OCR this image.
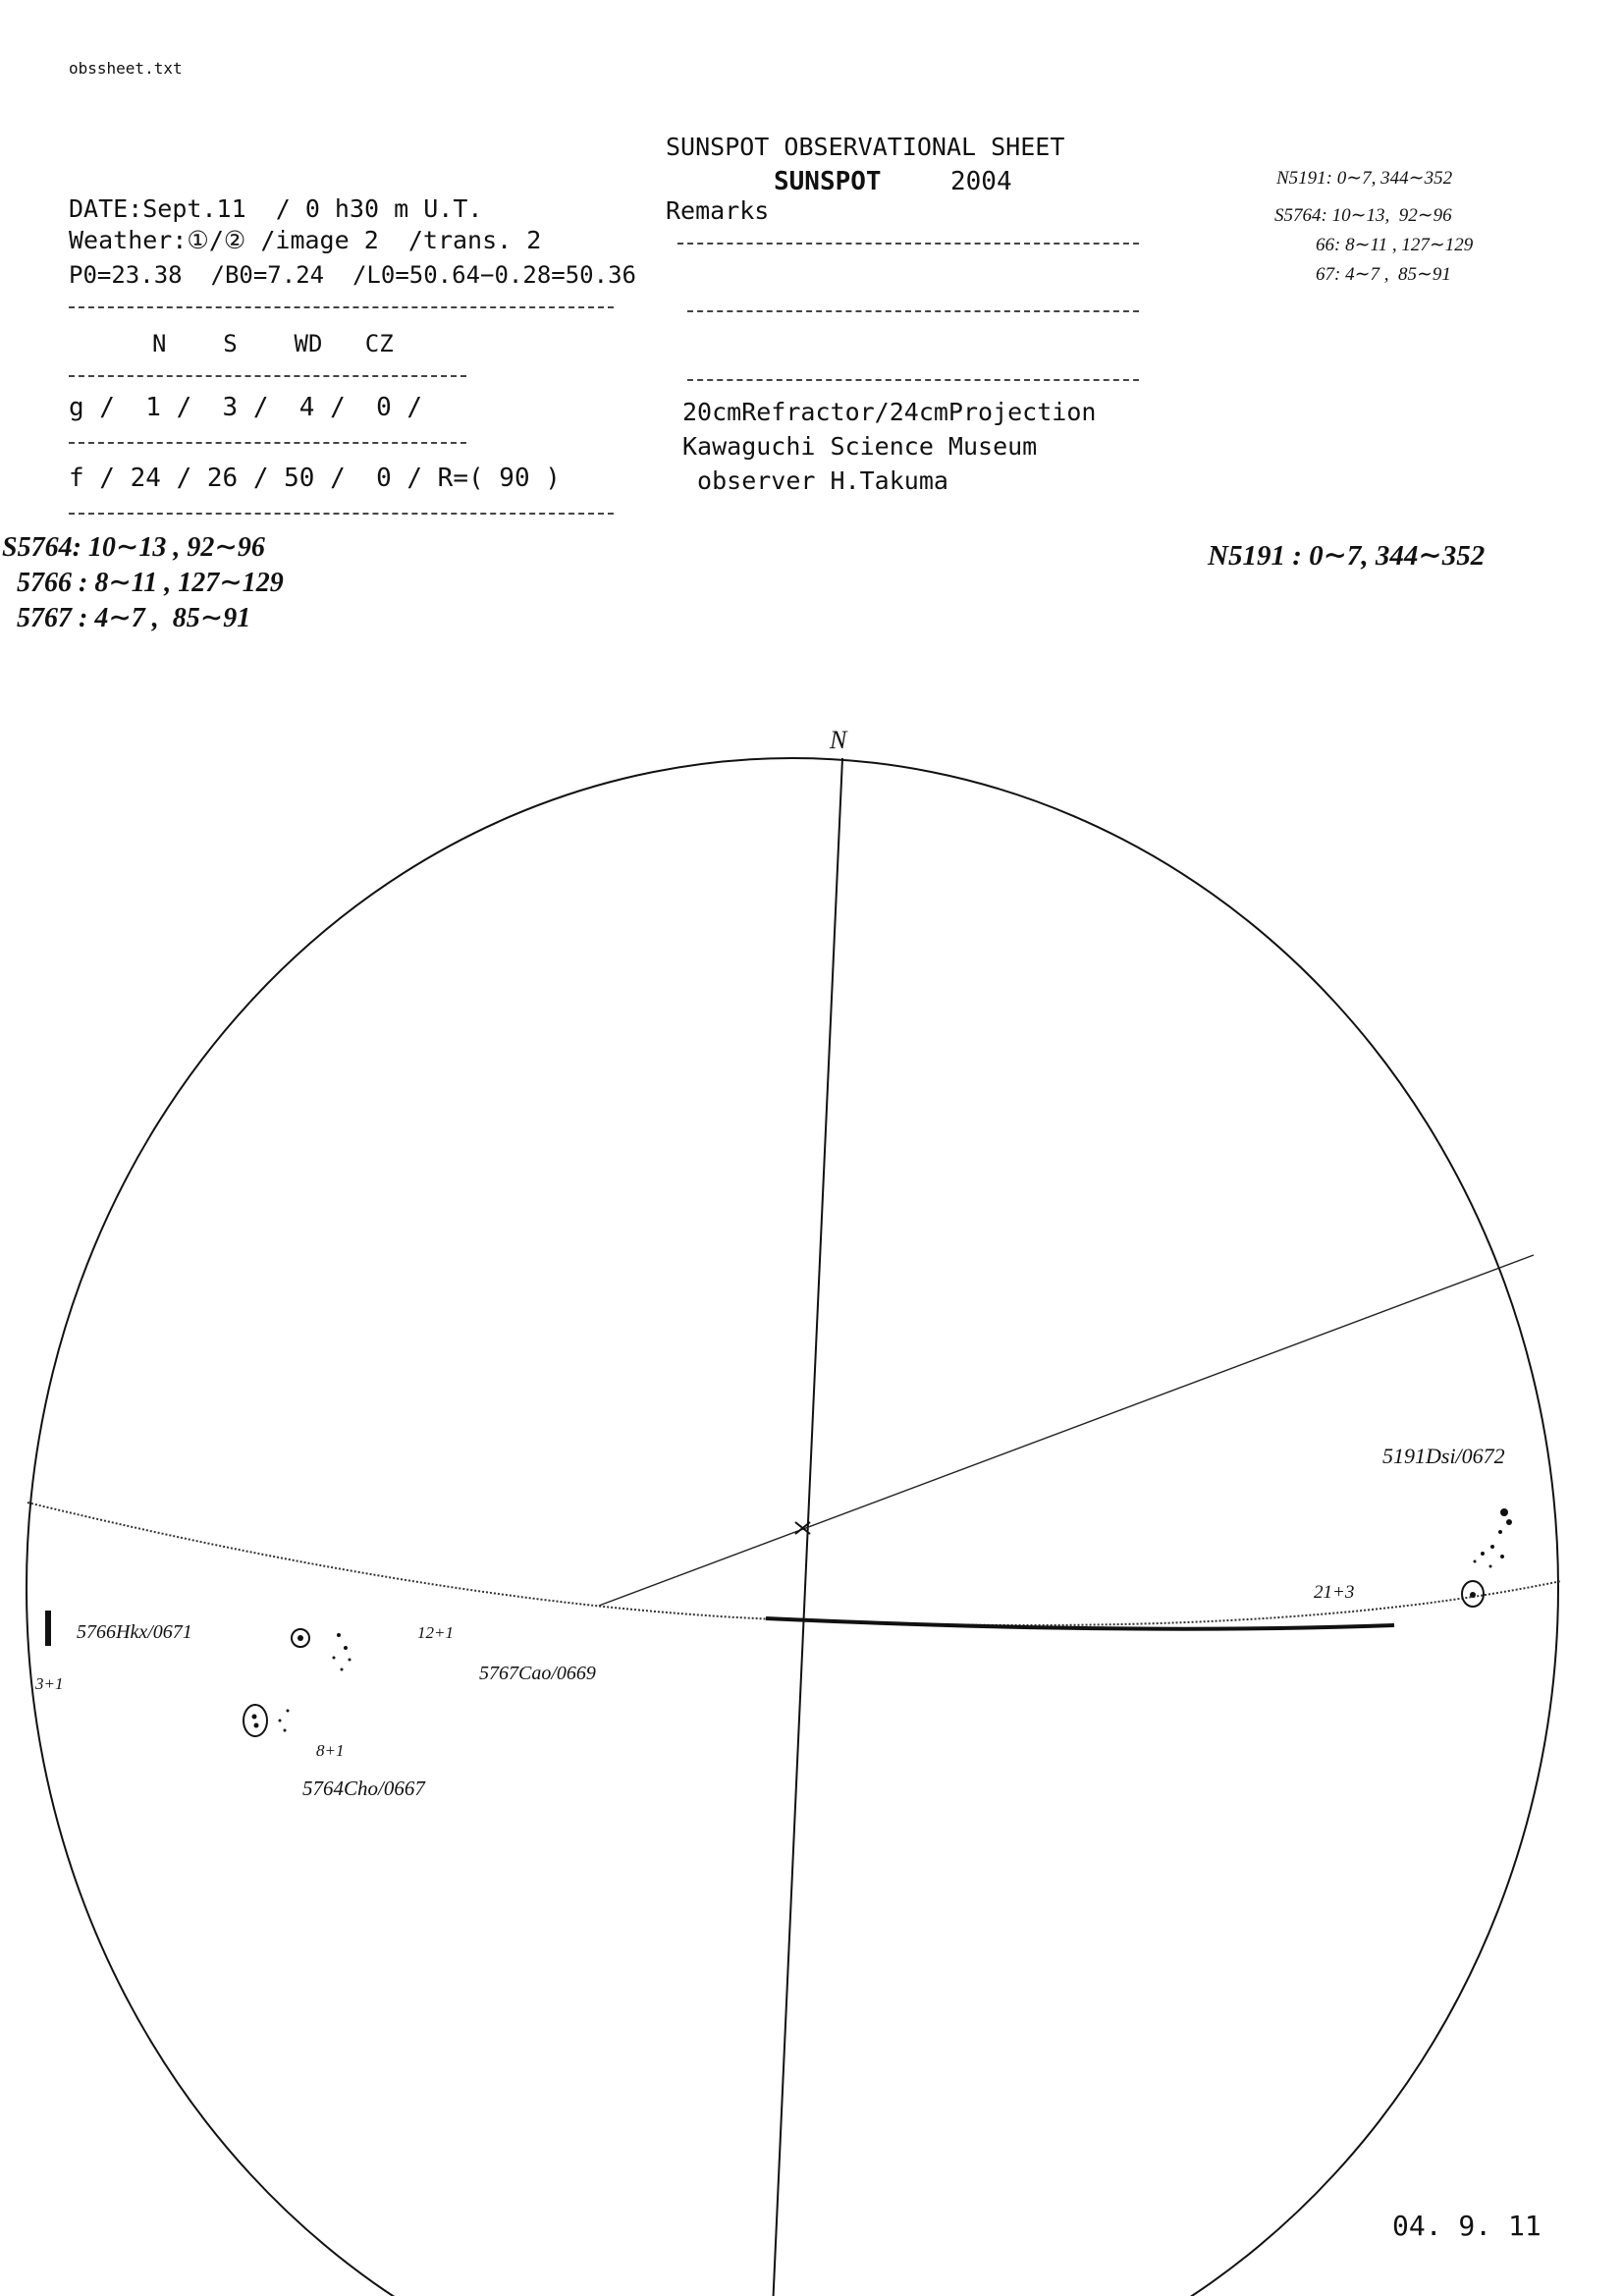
obssheet.txt
SUNSPOT OBSERVATIONAL SHEET
SUNSPOT	2004
Remarks
DATE:Sept.11  / 0 h30 m U.T.
Weather:①/② /image 2  /trans. 2
P0=23.38  /B0=7.24  /L0=50.64−0.28=50.36
N    S    WD   CZ
g /  1 /  3 /  4 /  0 /
f / 24 / 26 / 50 /  0 / R=( 90 )
20cmRefractor/24cmProjection
Kawaguchi Science Museum
observer H.Takuma
N5191: 0∼7, 344∼352
S5764: 10∼13,  92∼96
66: 8∼11 , 127∼129
67: 4∼7 ,  85∼91
S5764: 10∼13 , 92∼96
5766 : 8∼11 , 127∼129
5767 : 4∼7 ,  85∼91
N5191 : 0∼7, 344∼352
N
5191Dsi/0672
21+3
5766Hkx/0671
3+1
12+1
5767Cao/0669
8+1
5764Cho/0667
04. 9. 11
